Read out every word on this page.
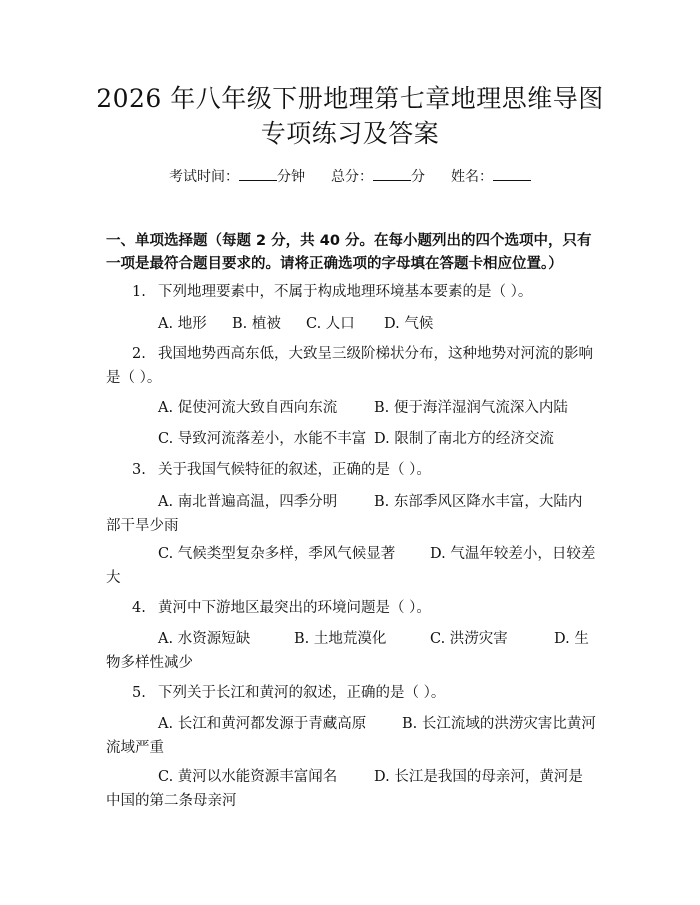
2026 年八年级下册地理第七章地理思维导图
专项练习及答案
考试时间：	分钟 总分：	分 姓名：
一、单项选择题（每题 2 分，共 40 分。在每小题列出的四个选项中，只有一项是最符合题目要求的。请将正确选项的字母填在答题卡相应位置。）
1. 下列地理要素中，不属于构成地理环境基本要素的是（ ）。
A. 地形 B. 植被 C. 人口 D. 气候
2. 我国地势西高东低，大致呈三级阶梯状分布，这种地势对河流的影响是（ ）。
A. 促使河流大致自西向东流	B. 便于海洋湿润气流深入内陆
C. 导致河流落差小，水能不丰富 D. 限制了南北方的经济交流
3. 关于我国气候特征的叙述，正确的是（ ）。
A. 南北普遍高温，四季分明	B. 东部季风区降水丰富，大陆内部干旱少雨
C. 气候类型复杂多样，季风气候显著	D. 气温年较差小，日较差大
4. 黄河中下游地区最突出的环境问题是（ ）。
A. 水资源短缺	B. 土地荒漠化	C. 洪涝灾害	D. 生物多样性减少
5. 下列关于长江和黄河的叙述，正确的是（ ）。
A. 长江和黄河都发源于青藏高原	B. 长江流域的洪涝灾害比黄河流域严重
C. 黄河以水能资源丰富闻名	D. 长江是我国的母亲河，黄河是中国的第二条母亲河
